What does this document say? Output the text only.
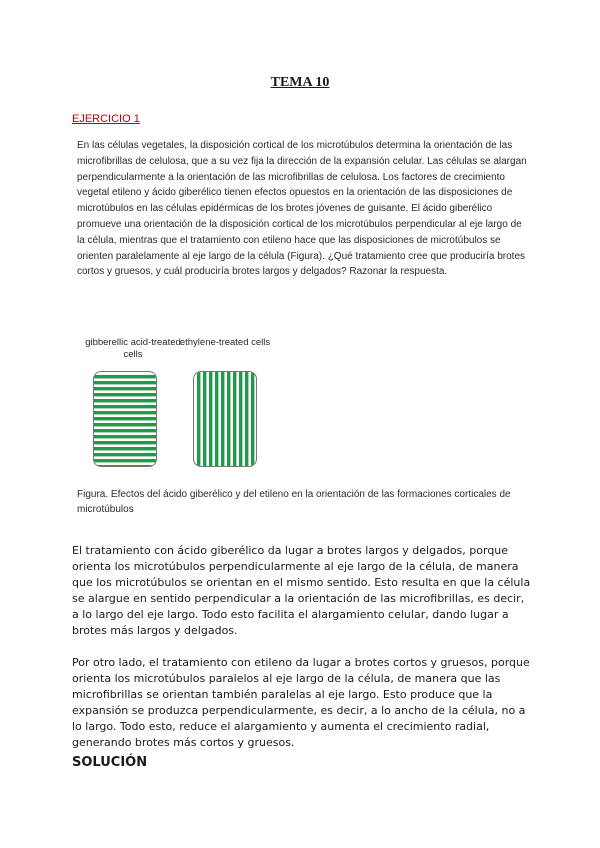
TEMA 10
EJERCICIO 1
En las células vegetales, la disposición cortical de los microtúbulos determina la orientación de las microfibrillas de celulosa, que a su vez fija la dirección de la expansión celular. Las células se alargan perpendicularmente a la orientación de las microfibrillas de celulosa. Los factores de crecimiento vegetal etileno y ácido giberélico tienen efectos opuestos en la orientación de las disposiciones de microtúbulos en las células epidérmicas de los brotes jóvenes de guisante. El ácido giberélico promueve una orientación de la disposición cortical de los microtúbulos perpendicular al eje largo de la célula, mientras que el tratamiento con etileno hace que las disposiciones de microtúbulos se orienten paralelamente al eje largo de la célula (Figura). ¿Qué tratamiento cree que produciría brotes cortos y gruesos, y cuál produciría brotes largos y delgados? Razonar la respuesta.
gibberellic acid-treated cells
ethylene-treated cells
Figura. Efectos del ácido giberélico y del etileno en la orientación de las formaciones corticales de microtúbulos
El tratamiento con ácido giberélico da lugar a brotes largos y delgados, porque orienta los microtúbulos perpendicularmente al eje largo de la célula, de manera que los microtúbulos se orientan en el mismo sentido. Esto resulta en que la célula se alargue en sentido perpendicular a la orientación de las microfibrillas, es decir, a lo largo del eje largo. Todo esto facilita el alargamiento celular, dando lugar a brotes más largos y delgados.
Por otro lado, el tratamiento con etileno da lugar a brotes cortos y gruesos, porque orienta los microtúbulos paralelos al eje largo de la célula, de manera que las microfibrillas se orientan también paralelas al eje largo. Esto produce que la expansión se produzca perpendicularmente, es decir, a lo ancho de la célula, no a lo largo. Todo esto, reduce el alargamiento y aumenta el crecimiento radial, generando brotes más cortos y gruesos.
SOLUCIÓN
